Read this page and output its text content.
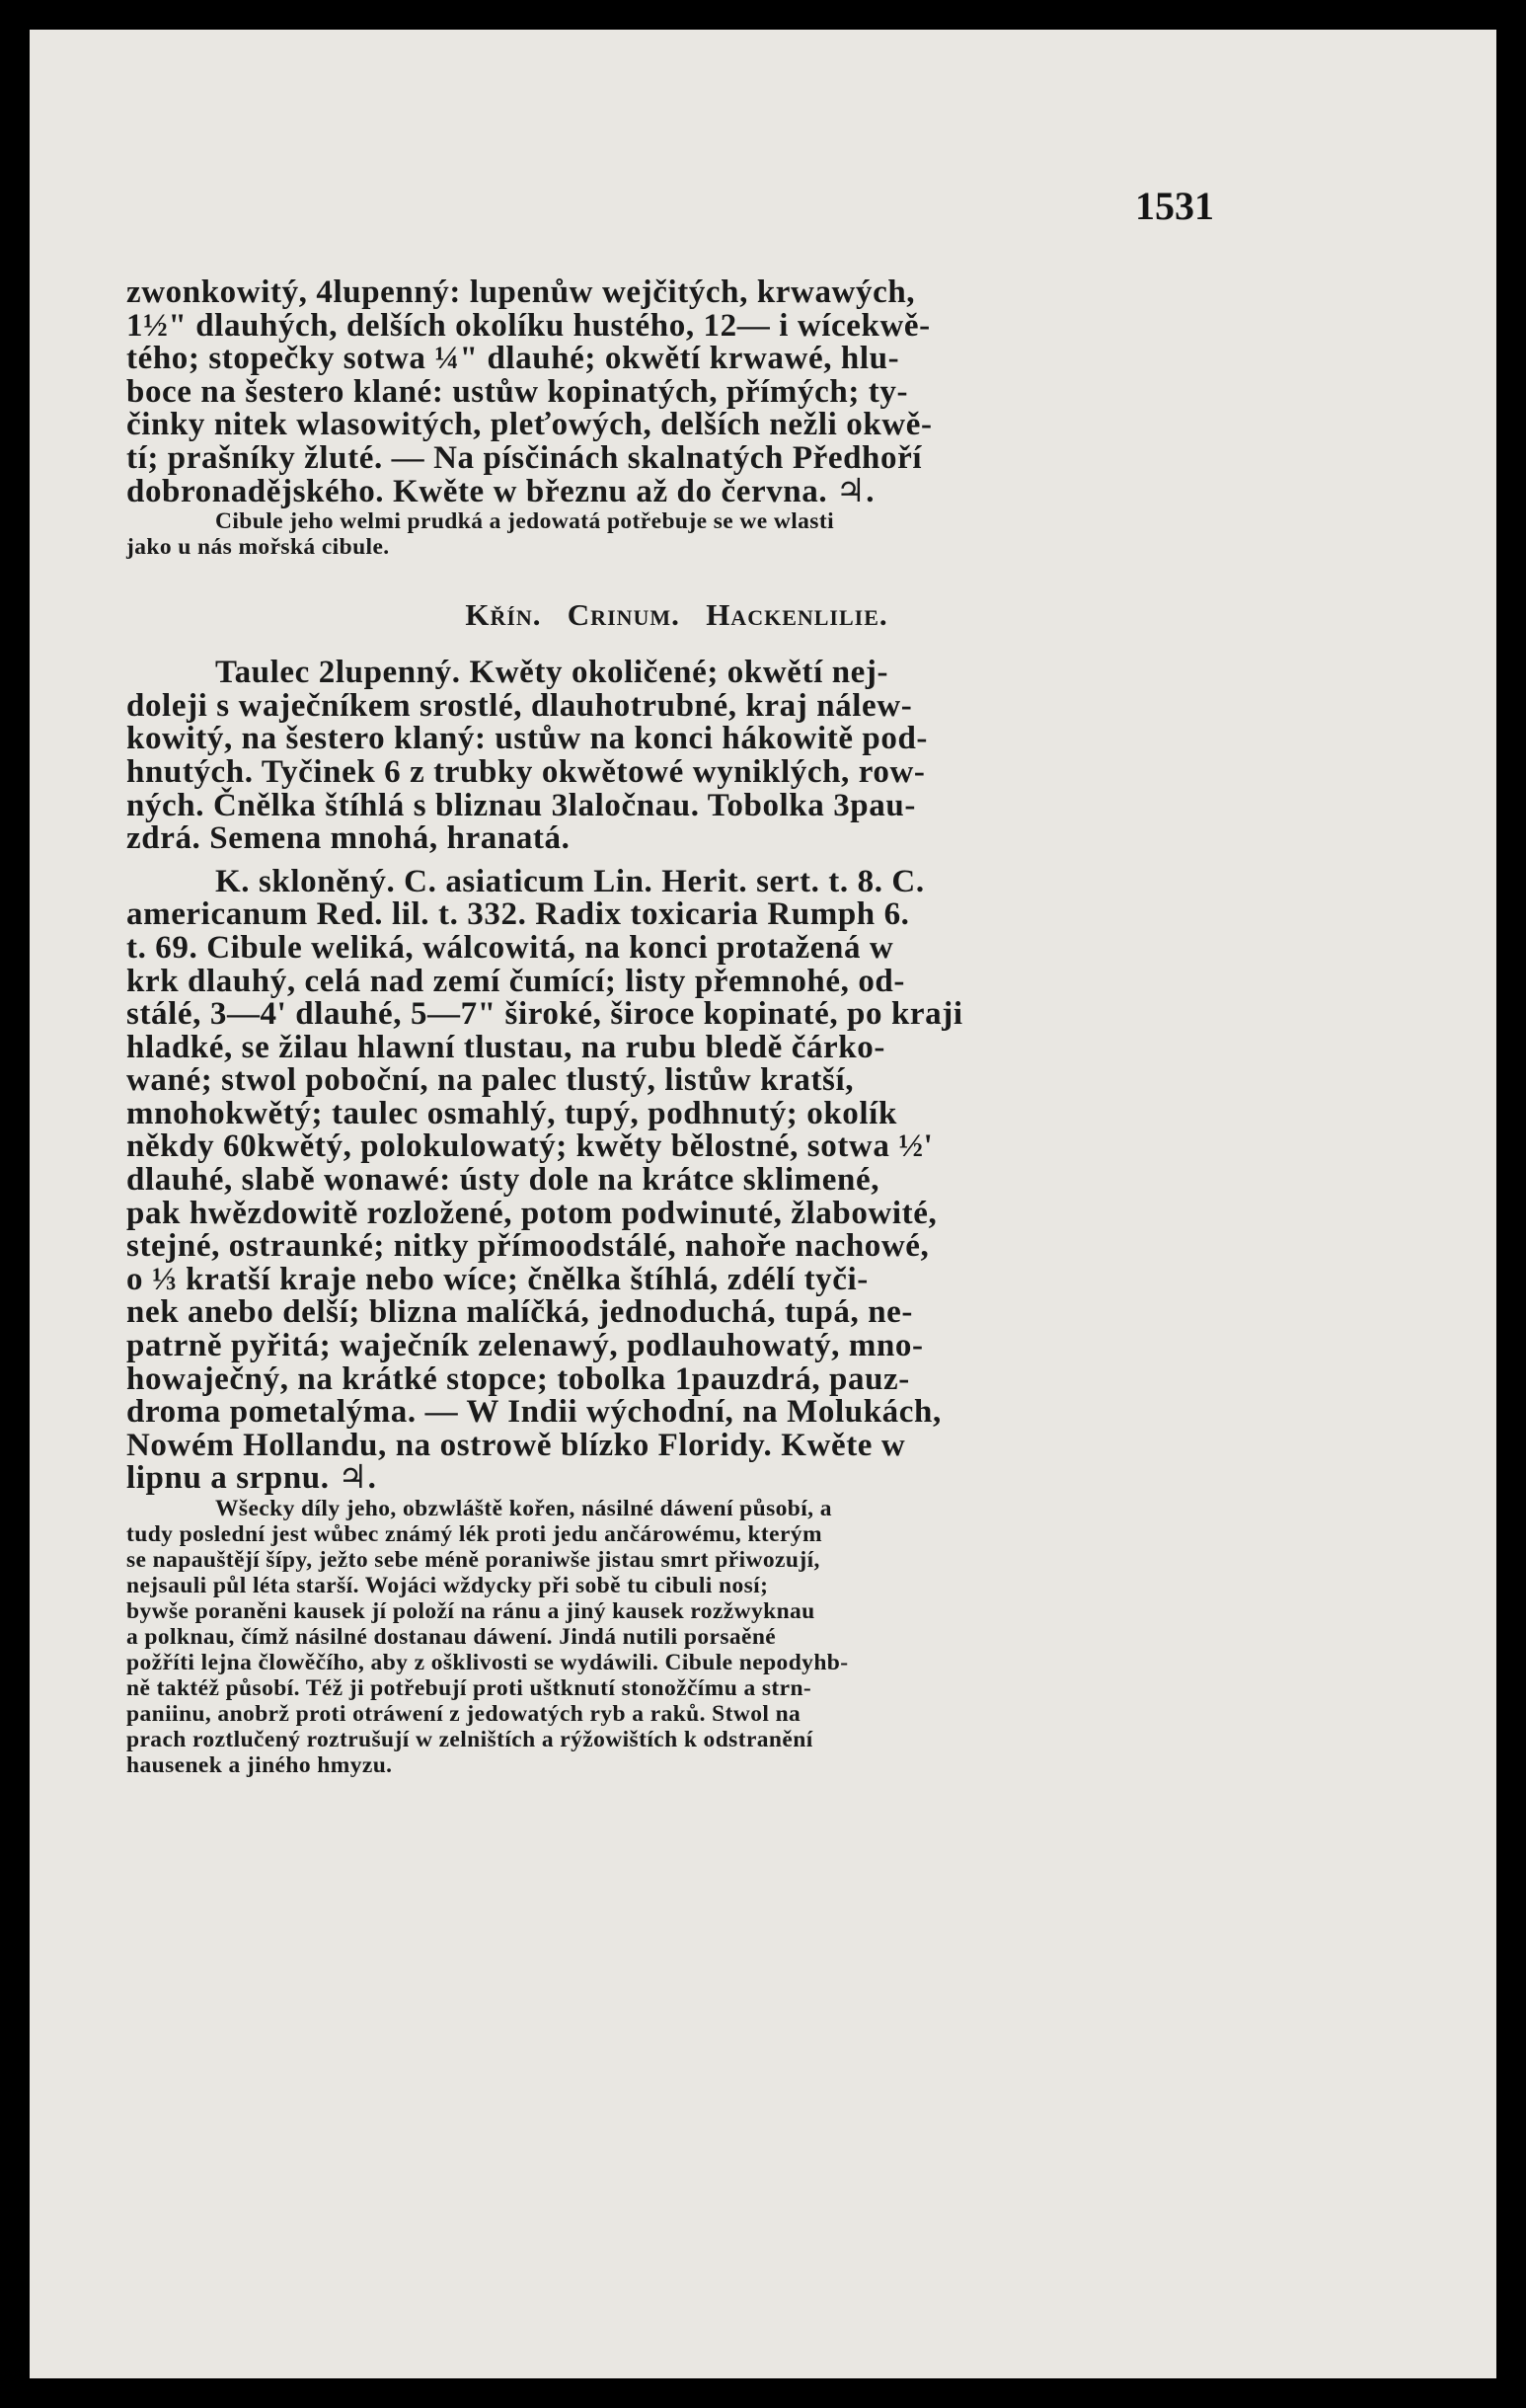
1531
zwonkowitý, 4lupenný: lupenůw wejčitých, krwawých,
1½" dlauhých, delších okolíku hustého, 12— i wícekwě-
tého; stopečky sotwa ¼" dlauhé; okwětí krwawé, hlu-
boce na šestero klané: ustůw kopinatých, přímých; ty-
činky nitek wlasowitých, pleťowých, delších nežli okwě-
tí; prašníky žluté. — Na písčinách skalnatých Předhoří
dobronadějského. Kwěte w březnu až do června. ♃.
Cibule jeho welmi prudká a jedowatá potřebuje se we wlasti
jako u nás mořská cibule.
Křín. Crinum. Hackenlilie.
Taulec 2lupenný. Kwěty okoličené; okwětí nej-
doleji s waječníkem srostlé, dlauhotrubné, kraj nálew-
kowitý, na šestero klaný: ustůw na konci hákowitě pod-
hnutých. Tyčinek 6 z trubky okwětowé wyniklých, row-
ných. Čnělka štíhlá s bliznau 3laločnau. Tobolka 3pau-
zdrá. Semena mnohá, hranatá.
K. skloněný. C. asiaticum Lin. Herit. sert. t. 8. C.
americanum Red. lil. t. 332. Radix toxicaria Rumph 6.
t. 69. Cibule weliká, wálcowitá, na konci protažená w
krk dlauhý, celá nad zemí čumící; listy přemnohé, od-
stálé, 3—4' dlauhé, 5—7" široké, široce kopinaté, po kraji
hladké, se žilau hlawní tlustau, na rubu bledě čárko-
wané; stwol poboční, na palec tlustý, listůw kratší,
mnohokwětý; taulec osmahlý, tupý, podhnutý; okolík
někdy 60kwětý, polokulowatý; kwěty bělostné, sotwa ½'
dlauhé, slabě wonawé: ústy dole na krátce sklimené,
pak hwězdowitě rozložené, potom podwinuté, žlabowité,
stejné, ostraunké; nitky přímoodstálé, nahoře nachowé,
o ⅓ kratší kraje nebo wíce; čnělka štíhlá, zdélí tyči-
nek anebo delší; blizna malíčká, jednoduchá, tupá, ne-
patrně pyřitá; waječník zelenawý, podlauhowatý, mno-
howaječný, na krátké stopce; tobolka 1pauzdrá, pauz-
droma pometalýma. — W Indii wýchodní, na Molukách,
Nowém Hollandu, na ostrowě blízko Floridy. Kwěte w
lipnu a srpnu. ♃.
Wšecky díly jeho, obzwláště kořen, násilné dáwení působí, a
tudy poslední jest wůbec známý lék proti jedu ančárowému, kterým
se napauštějí šípy, ježto sebe méně poraniwše jistau smrt přiwozují,
nejsauli půl léta starší. Wojáci wždycky při sobě tu cibuli nosí;
bywše poraněni kausek jí položí na ránu a jiný kausek rozžwyknau
a polknau, čímž násilné dostanau dáwení. Jindá nutili porsaěné
požříti lejna člowěčího, aby z ošklivosti se wydáwili. Cibule nepodyhb-
ně taktéž působí. Též ji potřebují proti uštknutí stonožčímu a strn-
paniinu, anobrž proti otráwení z jedowatých ryb a raků. Stwol na
prach roztlučený roztrušují w zelništích a rýžowištích k odstranění
hausenek a jiného hmyzu.
